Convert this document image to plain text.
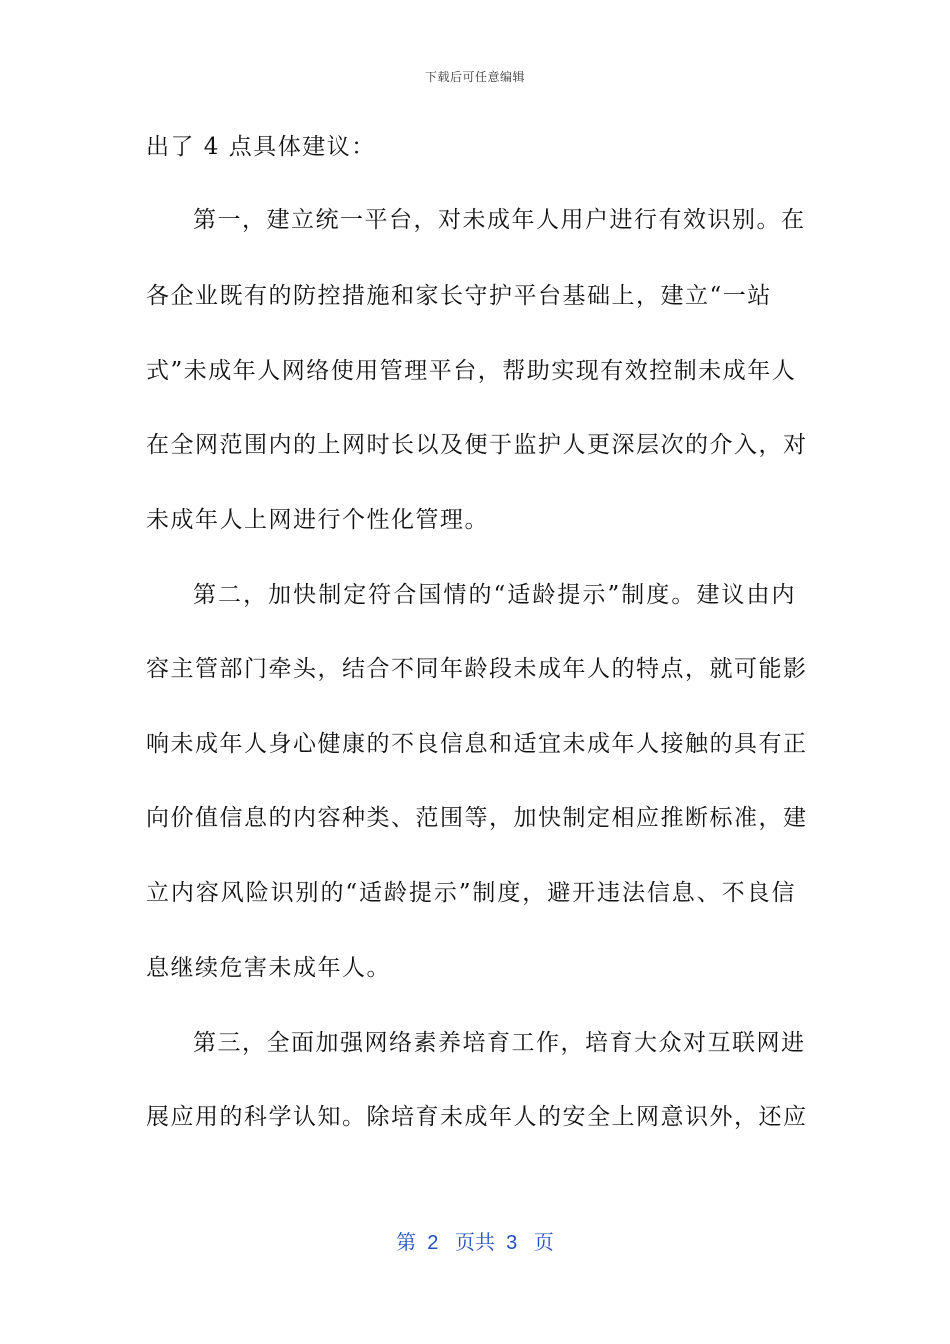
下载后可任意编辑
出了 4 点具体建议：
第一，建立统一平台，对未成年人用户进行有效识别。在
各企业既有的防控措施和家长守护平台基础上，建立“一站
式”未成年人网络使用管理平台，帮助实现有效控制未成年人
在全网范围内的上网时长以及便于监护人更深层次的介入，对
未成年人上网进行个性化管理。
第二，加快制定符合国情的“适龄提示”制度。建议由内
容主管部门牵头，结合不同年龄段未成年人的特点，就可能影
响未成年人身心健康的不良信息和适宜未成年人接触的具有正
向价值信息的内容种类、范围等，加快制定相应推断标准，建
立内容风险识别的“适龄提示”制度，避开违法信息、不良信
息继续危害未成年人。
第三，全面加强网络素养培育工作，培育大众对互联网进
展应用的科学认知。除培育未成年人的安全上网意识外，还应
第  2   页共  3   页
